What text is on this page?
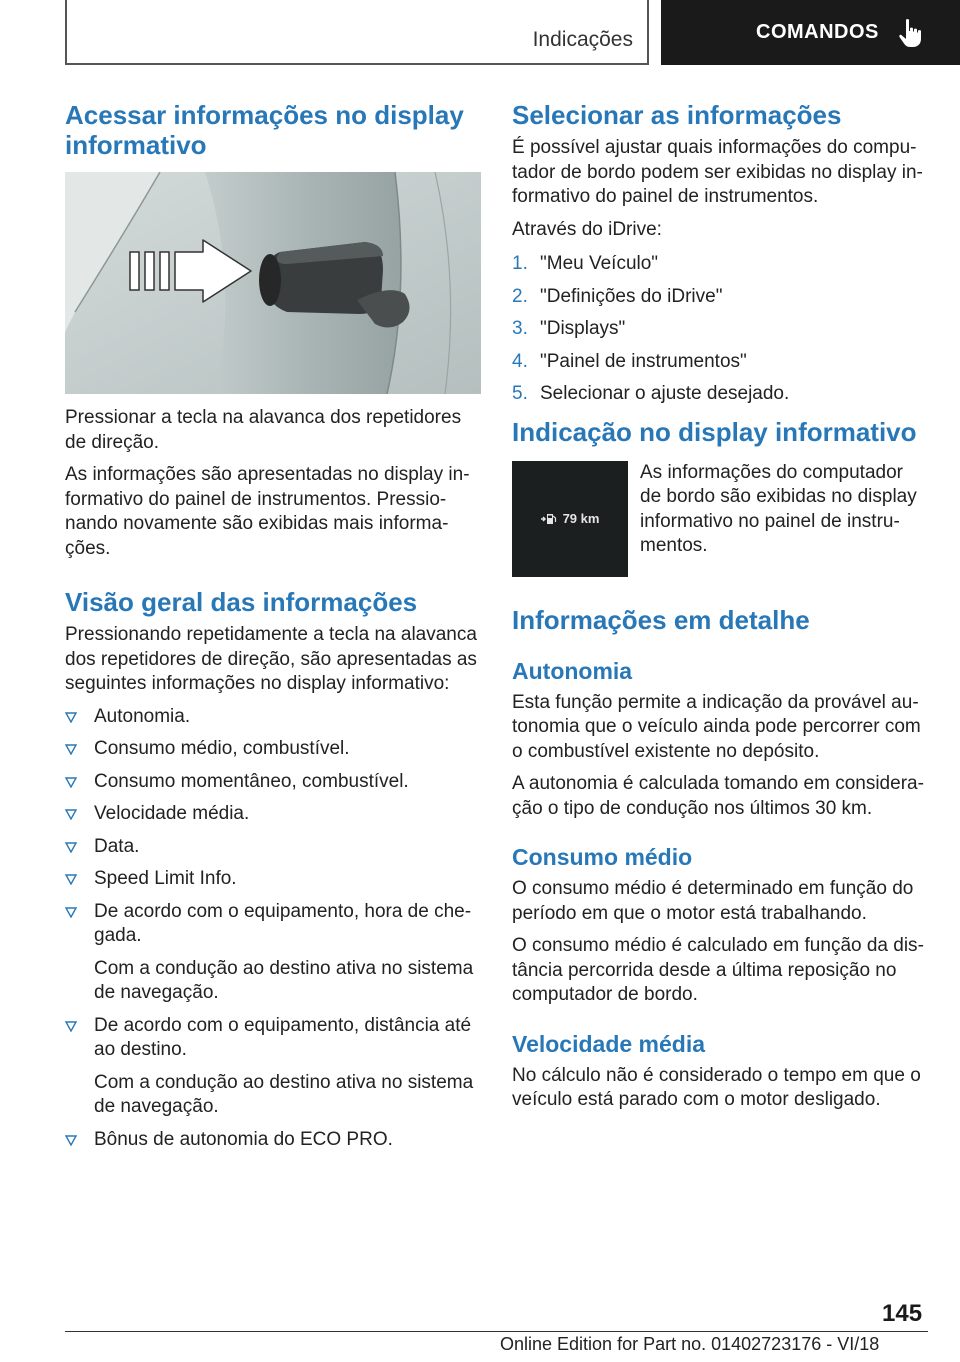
Indicações	COMANDOS
Acessar informações no display informativo

Pressionar a tecla na alavanca dos repetidores de direção.

As informações são apresentadas no display informativo do painel de instrumentos. Pressionando novamente são exibidas mais informações.

Visão geral das informações

Pressionando repetidamente a tecla na alavanca dos repetidores de direção, são apresentadas as seguintes informações no display informativo:

Autonomia.
Consumo médio, combustível.
Consumo momentâneo, combustível.
Velocidade média.
Data.
Speed Limit Info.
De acordo com o equipamento, hora de chegada.
Com a condução ao destino ativa no sistema de navegação.
De acordo com o equipamento, distância até ao destino.
Com a condução ao destino ativa no sistema de navegação.
Bônus de autonomia do ECO PRO.
Selecionar as informações

É possível ajustar quais informações do computador de bordo podem ser exibidas no display informativo do painel de instrumentos.

Através do iDrive:

1. "Meu Veículo"
2. "Definições do iDrive"
3. "Displays"
4. "Painel de instrumentos"
5. Selecionar o ajuste desejado.
Indicação no display informativo
79 km

As informações do computador de bordo são exibidas no display informativo no painel de instrumentos.

Informações em detalhe
Autonomia

Esta função permite a indicação da provável autonomia que o veículo ainda pode percorrer com o combustível existente no depósito.

A autonomia é calculada tomando em consideração o tipo de condução nos últimos 30 km.

Consumo médio

O consumo médio é determinado em função do período em que o motor está trabalhando.

O consumo médio é calculado em função da distância percorrida desde a última reposição no computador de bordo.

Velocidade média

No cálculo não é considerado o tempo em que o veículo está parado com o motor desligado.

145
Online Edition for Part no. 01402723176 - VI/18
